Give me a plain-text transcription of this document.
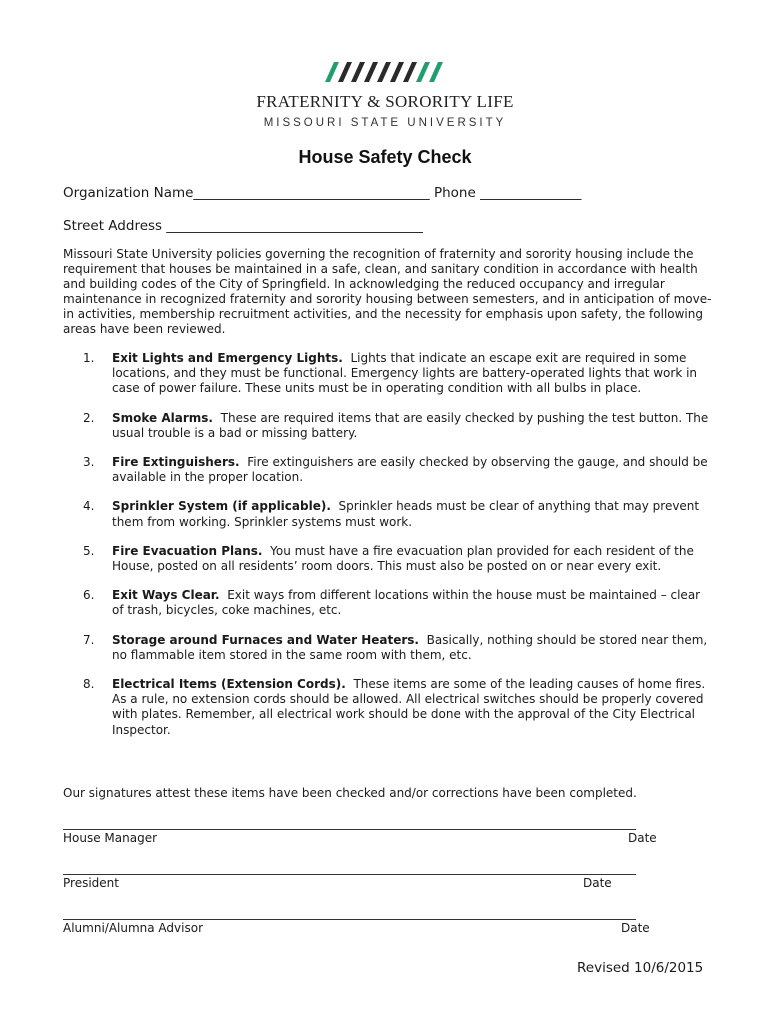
FRATERNITY & SORORITY LIFE
MISSOURI STATE UNIVERSITY
House Safety Check
Organization Name___________________________________ Phone _______________
Street Address ______________________________________
Missouri State University policies governing the recognition of fraternity and sorority housing include the requirement that houses be maintained in a safe, clean, and sanitary condition in accordance with health and building codes of the City of Springfield. In acknowledging the reduced occupancy and irregular maintenance in recognized fraternity and sorority housing between semesters, and in anticipation of move-in activities, membership recruitment activities, and the necessity for emphasis upon safety, the following areas have been reviewed.
1. Exit Lights and Emergency Lights. Lights that indicate an escape exit are required in some locations, and they must be functional. Emergency lights are battery-operated lights that work in case of power failure. These units must be in operating condition with all bulbs in place.
2. Smoke Alarms. These are required items that are easily checked by pushing the test button. The usual trouble is a bad or missing battery.
3. Fire Extinguishers. Fire extinguishers are easily checked by observing the gauge, and should be available in the proper location.
4. Sprinkler System (if applicable). Sprinkler heads must be clear of anything that may prevent them from working. Sprinkler systems must work.
5. Fire Evacuation Plans. You must have a fire evacuation plan provided for each resident of the House, posted on all residents’ room doors. This must also be posted on or near every exit.
6. Exit Ways Clear. Exit ways from different locations within the house must be maintained – clear of trash, bicycles, coke machines, etc.
7. Storage around Furnaces and Water Heaters. Basically, nothing should be stored near them, no flammable item stored in the same room with them, etc.
8. Electrical Items (Extension Cords). These items are some of the leading causes of home fires. As a rule, no extension cords should be allowed. All electrical switches should be properly covered with plates. Remember, all electrical work should be done with the approval of the City Electrical Inspector.
Our signatures attest these items have been checked and/or corrections have been completed.
House Manager	Date
President	Date
Alumni/Alumna Advisor	Date
Revised 10/6/2015
